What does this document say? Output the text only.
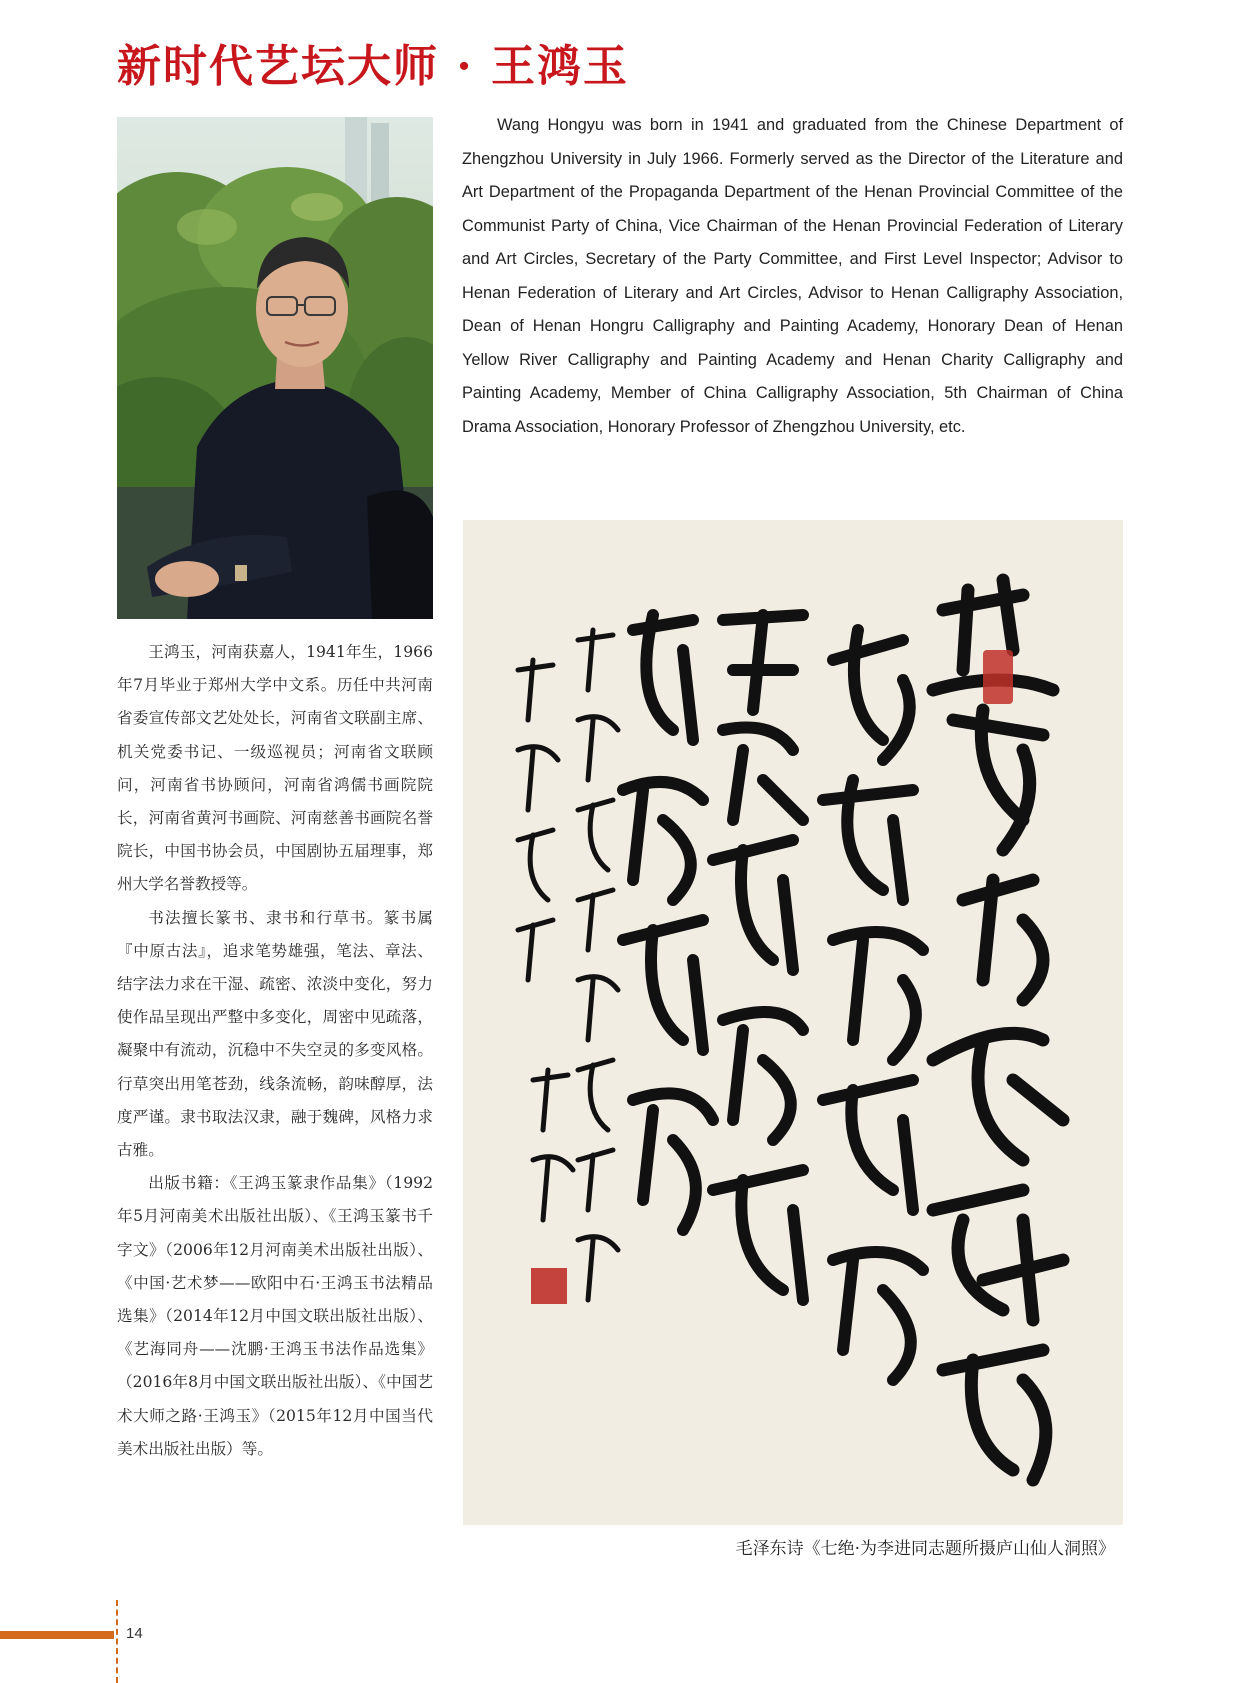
新时代艺坛大师 · 王鸿玉

Wang Hongyu was born in 1941 and graduated from the Chinese Department of Zhengzhou University in July 1966. Formerly served as the Director of the Literature and Art Department of the Propaganda Department of the Henan Provincial Committee of the Communist Party of China, Vice Chairman of the Henan Provincial Federation of Literary and Art Circles, Secretary of the Party Committee, and First Level Inspector; Advisor to Henan Federation of Literary and Art Circles, Advisor to Henan Calligraphy Association, Dean of Henan Hongru Calligraphy and Painting Academy, Honorary Dean of Henan Yellow River Calligraphy and Painting Academy and Henan Charity Calligraphy and Painting Academy, Member of China Calligraphy Association, 5th Chairman of China Drama Association, Honorary Professor of Zhengzhou University, etc.

王鸿玉，河南获嘉人，1941年生，1966年7月毕业于郑州大学中文系。历任中共河南省委宣传部文艺处处长，河南省文联副主席、机关党委书记、一级巡视员；河南省文联顾问，河南省书协顾问，河南省鸿儒书画院院长，河南省黄河书画院、河南慈善书画院名誉院长，中国书协会员，中国剧协五届理事，郑州大学名誉教授等。

书法擅长篆书、隶书和行草书。篆书属『中原古法』，追求笔势雄强，笔法、章法、结字法力求在干湿、疏密、浓淡中变化，努力使作品呈现出严整中多变化，周密中见疏落，凝聚中有流动，沉稳中不失空灵的多变风格。行草突出用笔苍劲，线条流畅，韵味醇厚，法度严谨。隶书取法汉隶，融于魏碑，风格力求古雅。

出版书籍：《王鸿玉篆隶作品集》（1992年5月河南美术出版社出版）、《王鸿玉篆书千字文》（2006年12月河南美术出版社出版）、《中国·艺术梦——欧阳中石·王鸿玉书法精品选集》（2014年12月中国文联出版社出版）、《艺海同舟——沈鹏·王鸿玉书法作品选集》（2016年8月中国文联出版社出版）、《中国艺术大师之路·王鸿玉》（2015年12月中国当代美术出版社出版）等。

毛泽东诗《七绝·为李进同志题所摄庐山仙人洞照》

14
